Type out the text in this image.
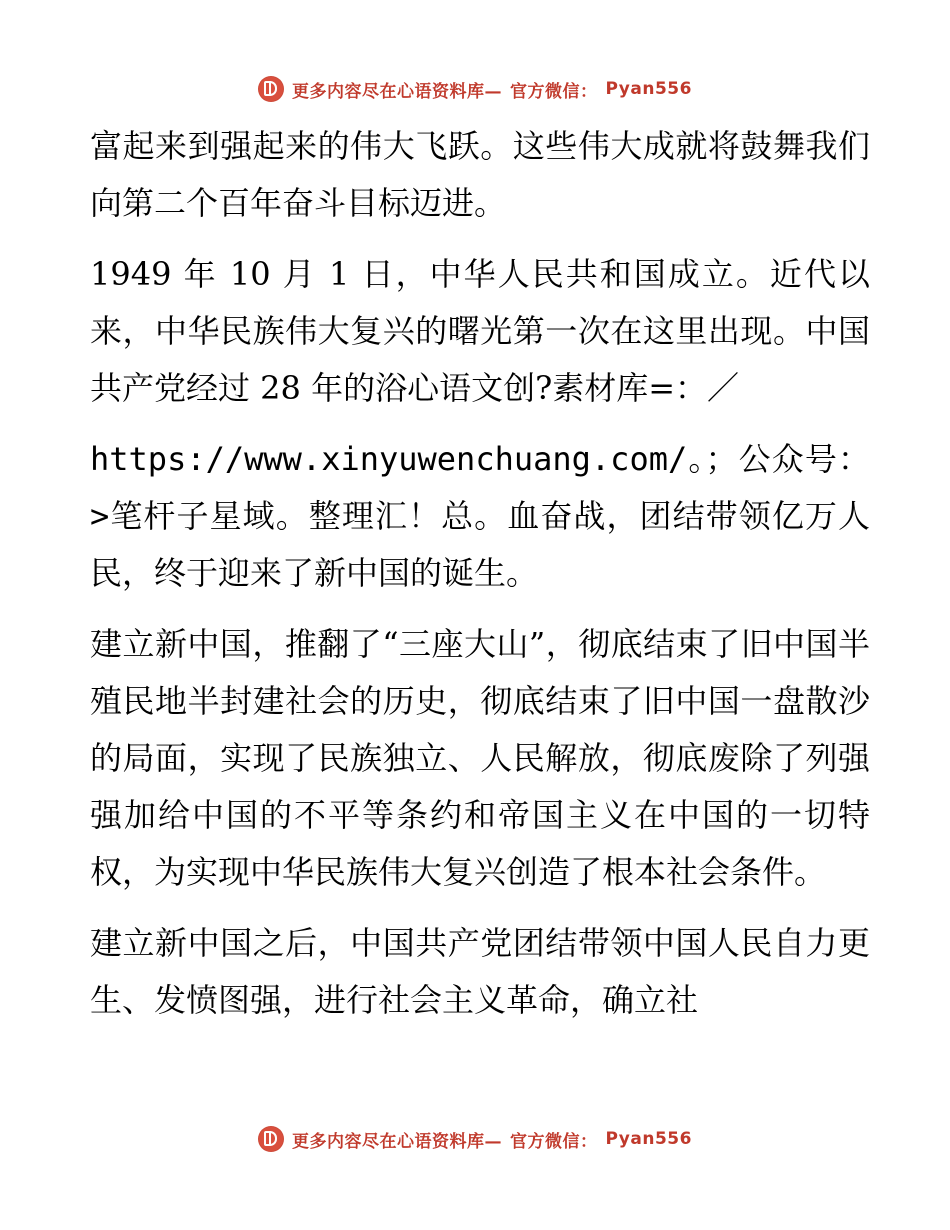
更多内容尽在心语资料库— 官方微信： Pyan556

富起来到强起来的伟大飞跃。这些伟大成就将鼓舞我们向第二个百年奋斗目标迈进。

1949 年 10 月 1 日，中华人民共和国成立。近代以来，中华民族伟大复兴的曙光第一次在这里出现。中国共产党经过 28 年的浴心语文创?素材库=：／

https://www.xinyuwenchuang.com/。；公众号： >笔杆子星域。整理汇！总。血奋战，团结带领亿万人民，终于迎来了新中国的诞生。

建立新中国，推翻了“三座大山”，彻底结束了旧中国半殖民地半封建社会的历史，彻底结束了旧中国一盘散沙的局面，实现了民族独立、人民解放，彻底废除了列强强加给中国的不平等条约和帝国主义在中国的一切特权，为实现中华民族伟大复兴创造了根本社会条件。

建立新中国之后，中国共产党团结带领中国人民自力更生、发愤图强，进行社会主义革命，确立社

更多内容尽在心语资料库— 官方微信： Pyan556
